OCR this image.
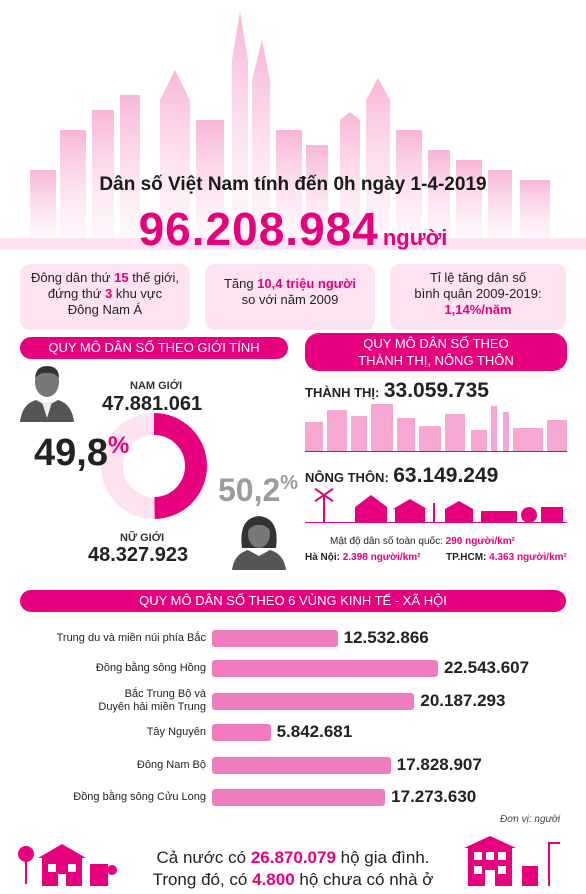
Dân số Việt Nam tính đến 0h ngày 1-4-2019
96.208.984 người
Đông dân thứ 15 thế giới,
đứng thứ 3 khu vực
Đông Nam Á
Tăng 10,4 triệu người
so với năm 2009
Tỉ lệ tăng dân số
bình quân 2009-2019:
1,14%/năm
QUY MÔ DÂN SỐ THEO GIỚI TÍNH
NAM GIỚI
47.881.061
49,8%
50,2%
NỮ GIỚI
48.327.923
QUY MÔ DÂN SỐ THEO
THÀNH THỊ, NÔNG THÔN
THÀNH THỊ: 33.059.735
NÔNG THÔN: 63.149.249
Mật độ dân số toàn quốc: 290 người/km²
Hà Nội: 2.398 người/km²	TP.HCM: 4.363 người/km²
QUY MÔ DÂN SỐ THEO 6 VÙNG KINH TẾ - XÃ HỘI
Trung du và miền núi phía Bắc	12.532.866
Đồng bằng sông Hồng	22.543.607
Bắc Trung Bộ và
Duyên hải miền Trung	20.187.293
Tây Nguyên	5.842.681
Đông Nam Bộ	17.828.907
Đồng bằng sông Cửu Long	17.273.630
Đơn vị: người
Cả nước có 26.870.079 hộ gia đình.
Trong đó, có 4.800 hộ chưa có nhà ở
